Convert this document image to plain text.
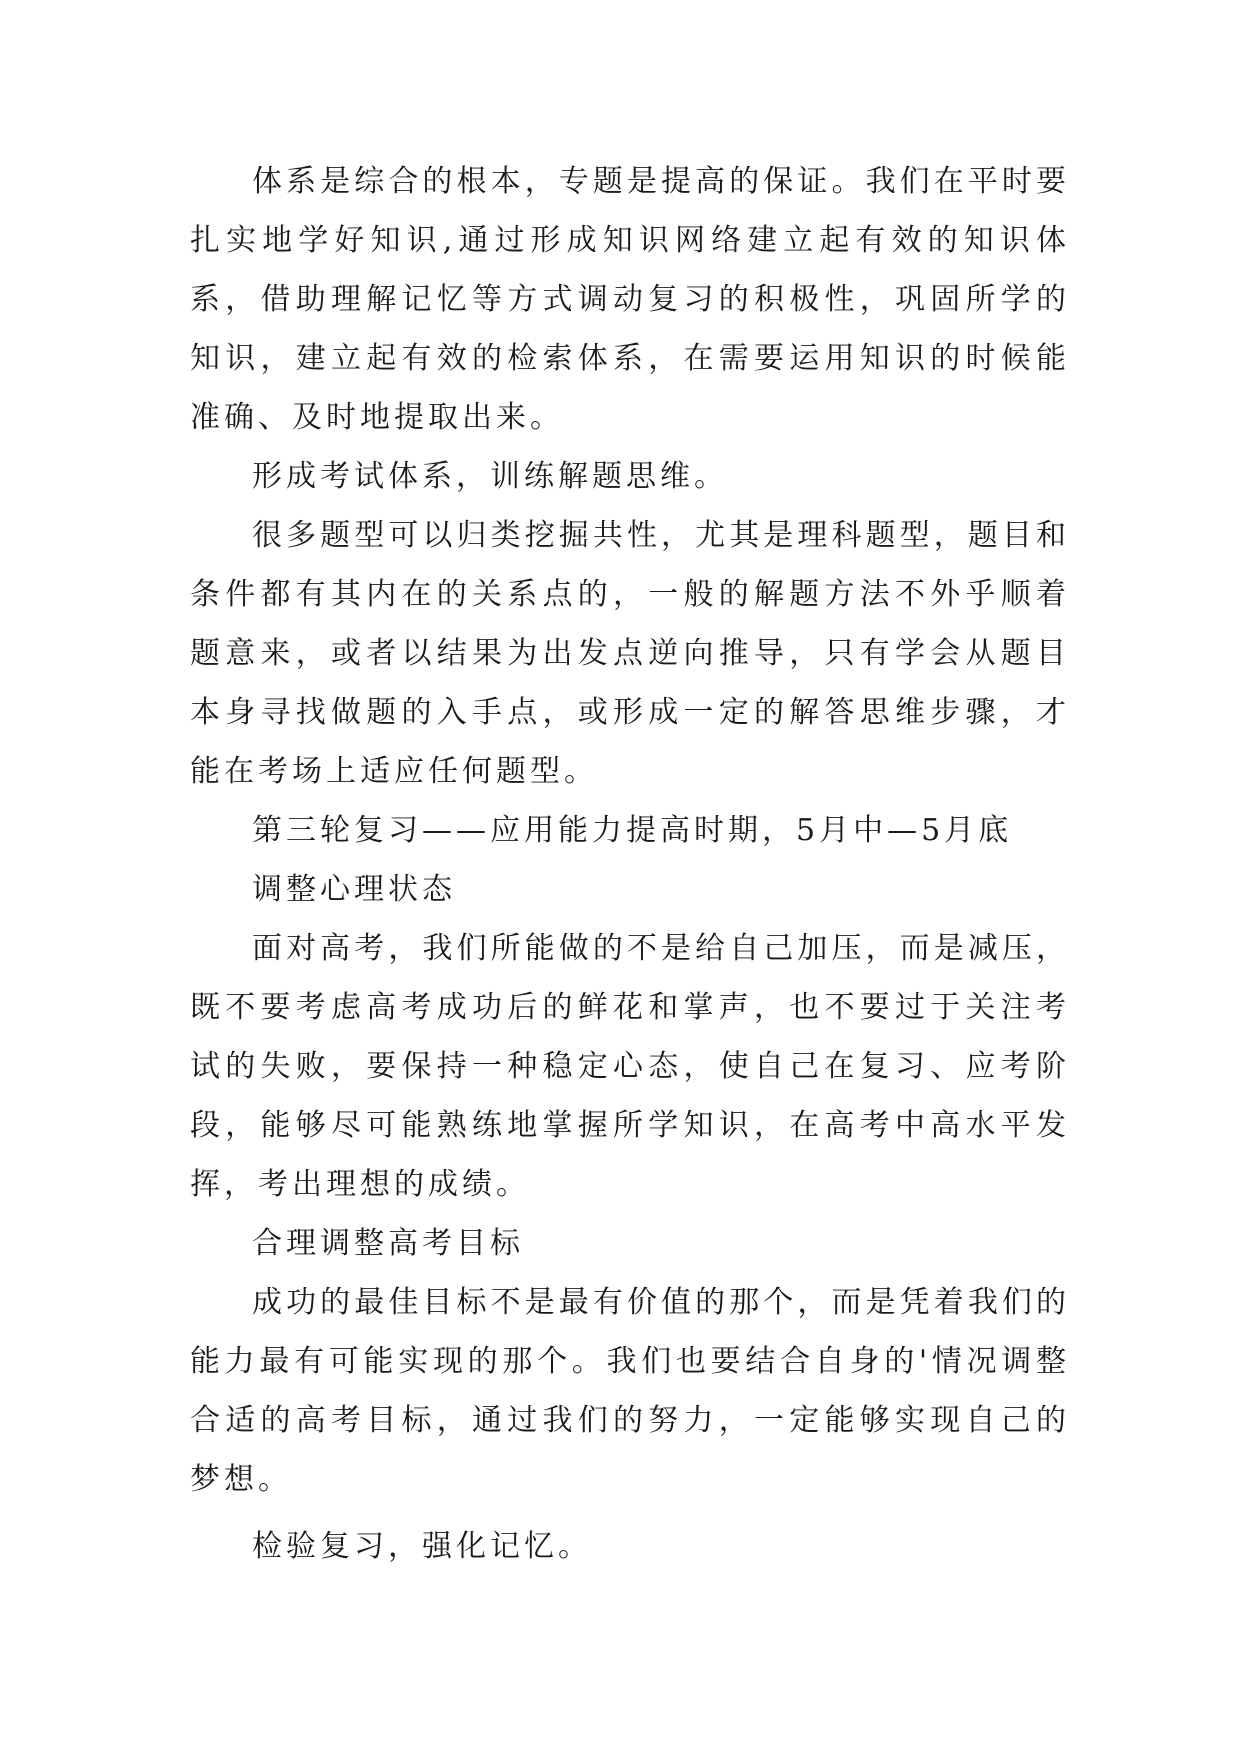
体系是综合的根本，专题是提高的保证。我们在平时要扎实地学好知识,通过形成知识网络建立起有效的知识体系，借助理解记忆等方式调动复习的积极性，巩固所学的知识，建立起有效的检索体系，在需要运用知识的时候能准确、及时地提取出来。

形成考试体系，训练解题思维。

很多题型可以归类挖掘共性，尤其是理科题型，题目和条件都有其内在的关系点的，一般的解题方法不外乎顺着题意来，或者以结果为出发点逆向推导，只有学会从题目本身寻找做题的入手点，或形成一定的解答思维步骤，才能在考场上适应任何题型。

第三轮复习——应用能力提高时期，5月中—5月底

调整心理状态

面对高考，我们所能做的不是给自己加压，而是减压，既不要考虑高考成功后的鲜花和掌声，也不要过于关注考试的失败，要保持一种稳定心态，使自己在复习、应考阶段，能够尽可能熟练地掌握所学知识，在高考中高水平发挥，考出理想的成绩。

合理调整高考目标

成功的最佳目标不是最有价值的那个，而是凭着我们的能力最有可能实现的那个。我们也要结合自身的'情况调整合适的高考目标，通过我们的努力，一定能够实现自己的梦想。

检验复习，强化记忆。
